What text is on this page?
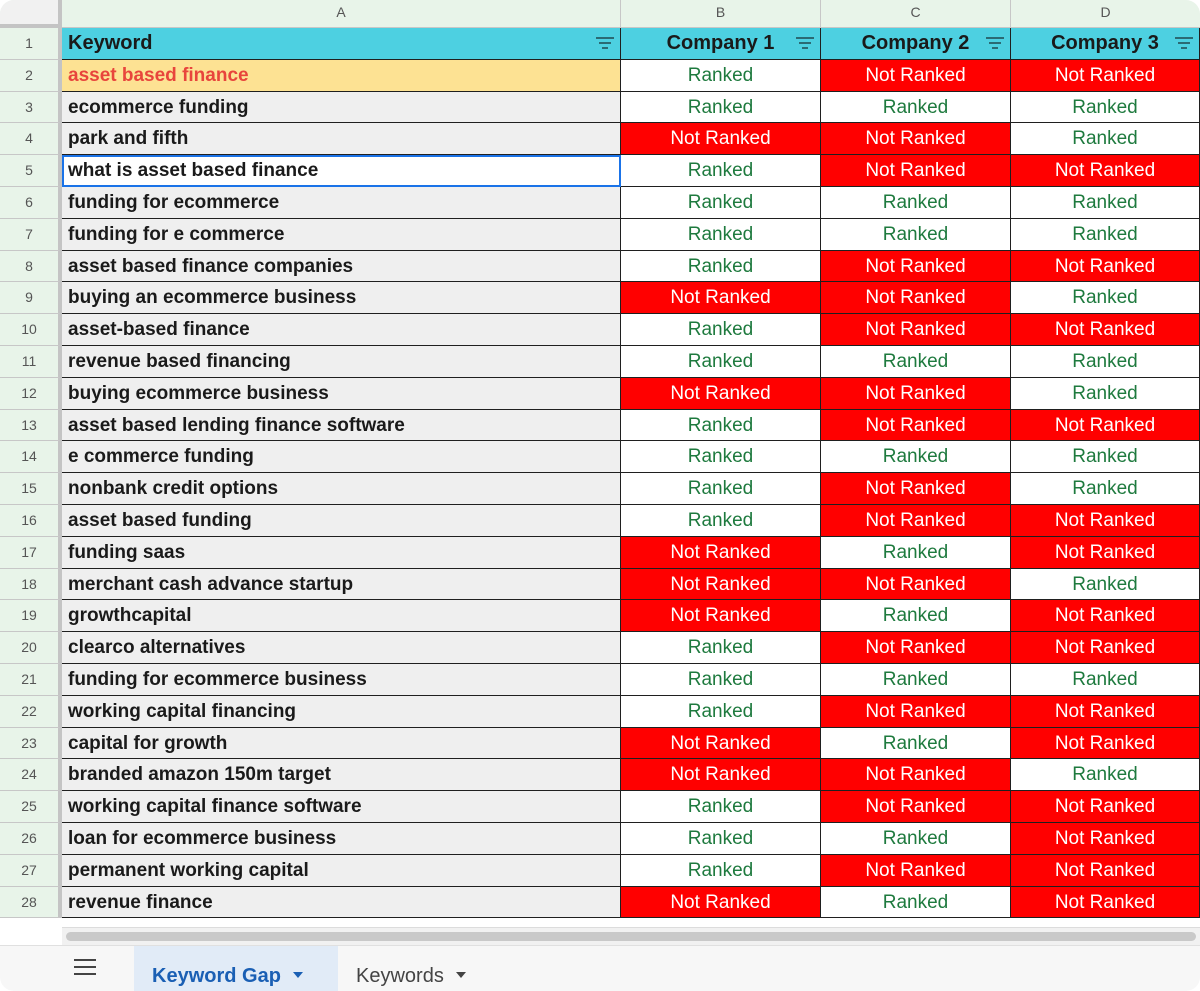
A	B	C	D
1	Keyword	Company 1	Company 2	Company 3
2	asset based finance	Ranked	Not Ranked	Not Ranked
3	ecommerce funding	Ranked	Ranked	Ranked
4	park and fifth	Not Ranked	Not Ranked	Ranked
5	what is asset based finance	Ranked	Not Ranked	Not Ranked
6	funding for ecommerce	Ranked	Ranked	Ranked
7	funding for e commerce	Ranked	Ranked	Ranked
8	asset based finance companies	Ranked	Not Ranked	Not Ranked
9	buying an ecommerce business	Not Ranked	Not Ranked	Ranked
10	asset-based finance	Ranked	Not Ranked	Not Ranked
11	revenue based financing	Ranked	Ranked	Ranked
12	buying ecommerce business	Not Ranked	Not Ranked	Ranked
13	asset based lending finance software	Ranked	Not Ranked	Not Ranked
14	e commerce funding	Ranked	Ranked	Ranked
15	nonbank credit options	Ranked	Not Ranked	Ranked
16	asset based funding	Ranked	Not Ranked	Not Ranked
17	funding saas	Not Ranked	Ranked	Not Ranked
18	merchant cash advance startup	Not Ranked	Not Ranked	Ranked
19	growthcapital	Not Ranked	Ranked	Not Ranked
20	clearco alternatives	Ranked	Not Ranked	Not Ranked
21	funding for ecommerce business	Ranked	Ranked	Ranked
22	working capital financing	Ranked	Not Ranked	Not Ranked
23	capital for growth	Not Ranked	Ranked	Not Ranked
24	branded amazon 150m target	Not Ranked	Not Ranked	Ranked
25	working capital finance software	Ranked	Not Ranked	Not Ranked
26	loan for ecommerce business	Ranked	Ranked	Not Ranked
27	permanent working capital	Ranked	Not Ranked	Not Ranked
28	revenue finance	Not Ranked	Ranked	Not Ranked
Keyword Gap	Keywords
